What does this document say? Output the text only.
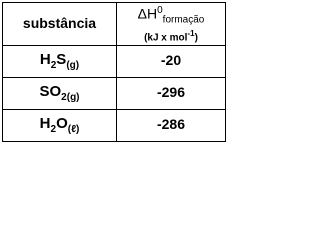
substância	$\Delta H^0_{formação}$
(kJ x mol$^{-1}$)

$H_2S_{(g)}$	-20
$SO_{2(g)}$	-296
$H_2O_{(\ell)}$	-286
